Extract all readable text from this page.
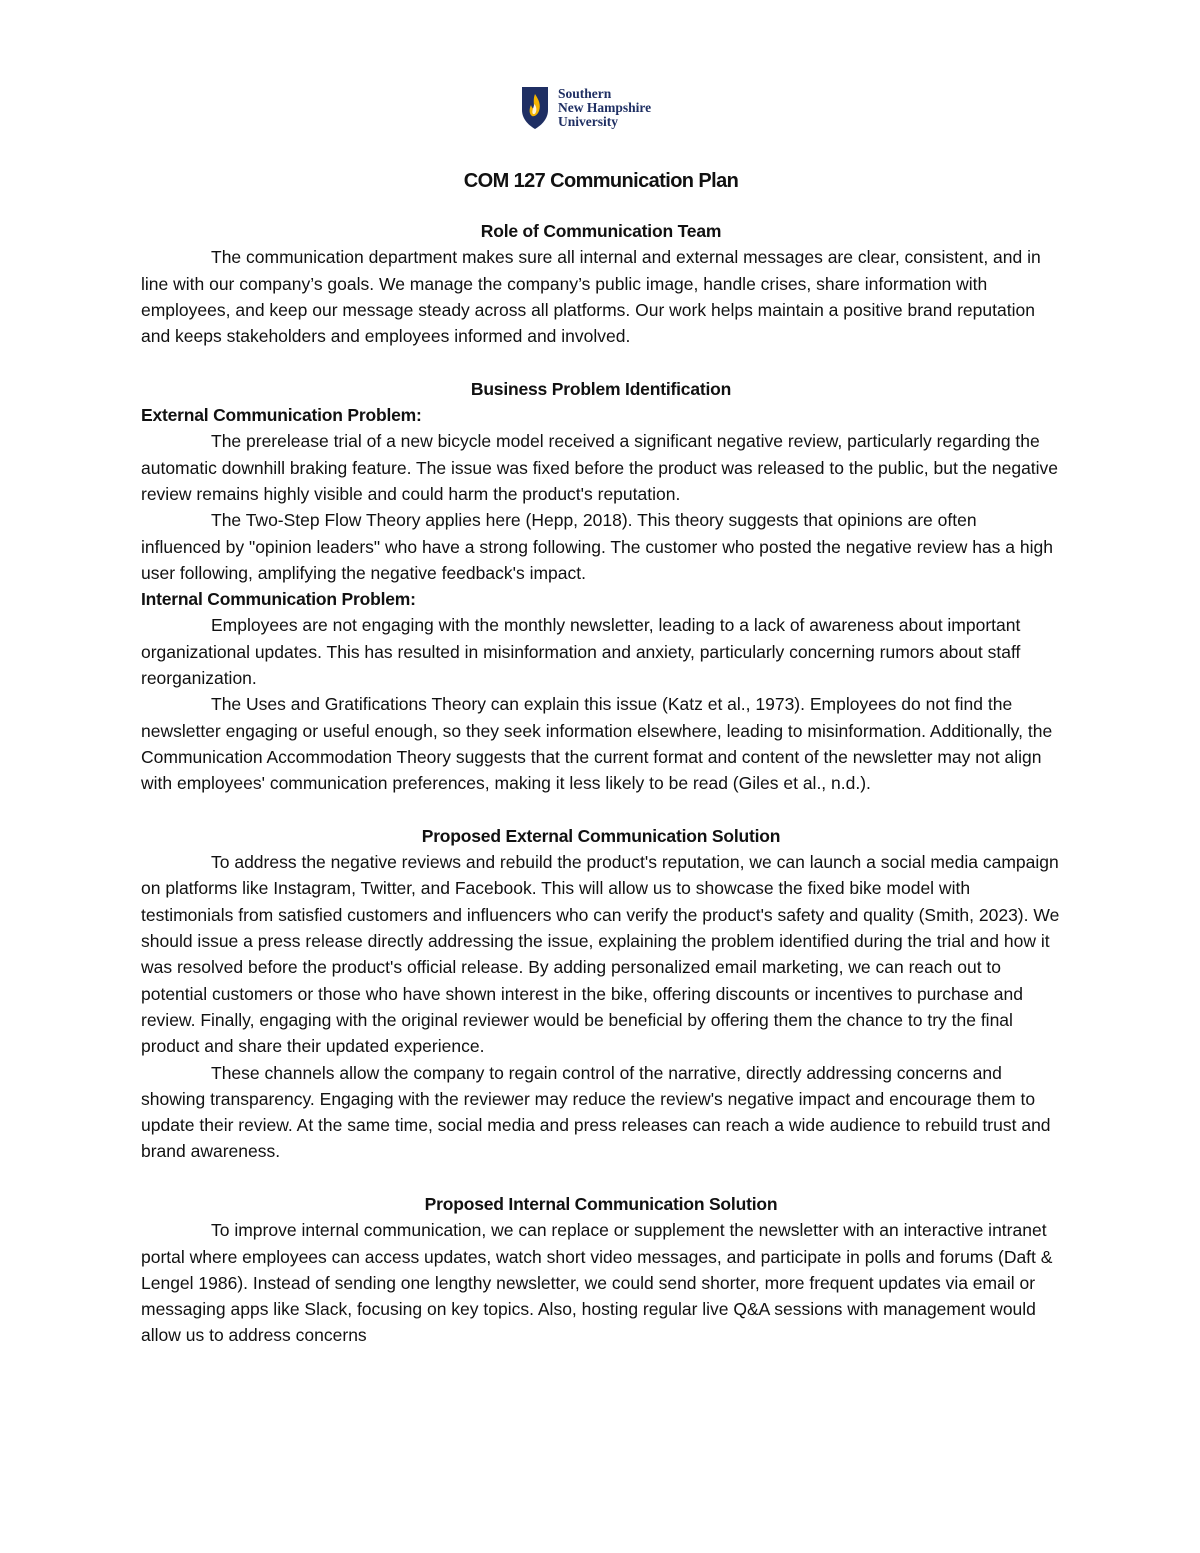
Southern
New Hampshire
University
COM 127 Communication Plan

Role of Communication Team

The communication department makes sure all internal and external messages are clear, consistent, and in line with our company’s goals. We manage the company’s public image, handle crises, share information with employees, and keep our message steady across all platforms. Our work helps maintain a positive brand reputation and keeps stakeholders and employees informed and involved.

Business Problem Identification

External Communication Problem:

The prerelease trial of a new bicycle model received a significant negative review, particularly regarding the automatic downhill braking feature. The issue was fixed before the product was released to the public, but the negative review remains highly visible and could harm the product's reputation.

The Two-Step Flow Theory applies here (Hepp, 2018). This theory suggests that opinions are often influenced by "opinion leaders" who have a strong following. The customer who posted the negative review has a high user following, amplifying the negative feedback's impact.

Internal Communication Problem:

Employees are not engaging with the monthly newsletter, leading to a lack of awareness about important organizational updates. This has resulted in misinformation and anxiety, particularly concerning rumors about staff reorganization.

The Uses and Gratifications Theory can explain this issue (Katz et al., 1973). Employees do not find the newsletter engaging or useful enough, so they seek information elsewhere, leading to misinformation. Additionally, the Communication Accommodation Theory suggests that the current format and content of the newsletter may not align with employees' communication preferences, making it less likely to be read (Giles et al., n.d.).

Proposed External Communication Solution

To address the negative reviews and rebuild the product's reputation, we can launch a social media campaign on platforms like Instagram, Twitter, and Facebook. This will allow us to showcase the fixed bike model with testimonials from satisfied customers and influencers who can verify the product's safety and quality (Smith, 2023). We should issue a press release directly addressing the issue, explaining the problem identified during the trial and how it was resolved before the product's official release. By adding personalized email marketing, we can reach out to potential customers or those who have shown interest in the bike, offering discounts or incentives to purchase and review. Finally, engaging with the original reviewer would be beneficial by offering them the chance to try the final product and share their updated experience.

These channels allow the company to regain control of the narrative, directly addressing concerns and showing transparency. Engaging with the reviewer may reduce the review's negative impact and encourage them to update their review. At the same time, social media and press releases can reach a wide audience to rebuild trust and brand awareness.

Proposed Internal Communication Solution

To improve internal communication, we can replace or supplement the newsletter with an interactive intranet portal where employees can access updates, watch short video messages, and participate in polls and forums (Daft & Lengel 1986). Instead of sending one lengthy newsletter, we could send shorter, more frequent updates via email or messaging apps like Slack, focusing on key topics. Also, hosting regular live Q&A sessions with management would allow us to address concerns
